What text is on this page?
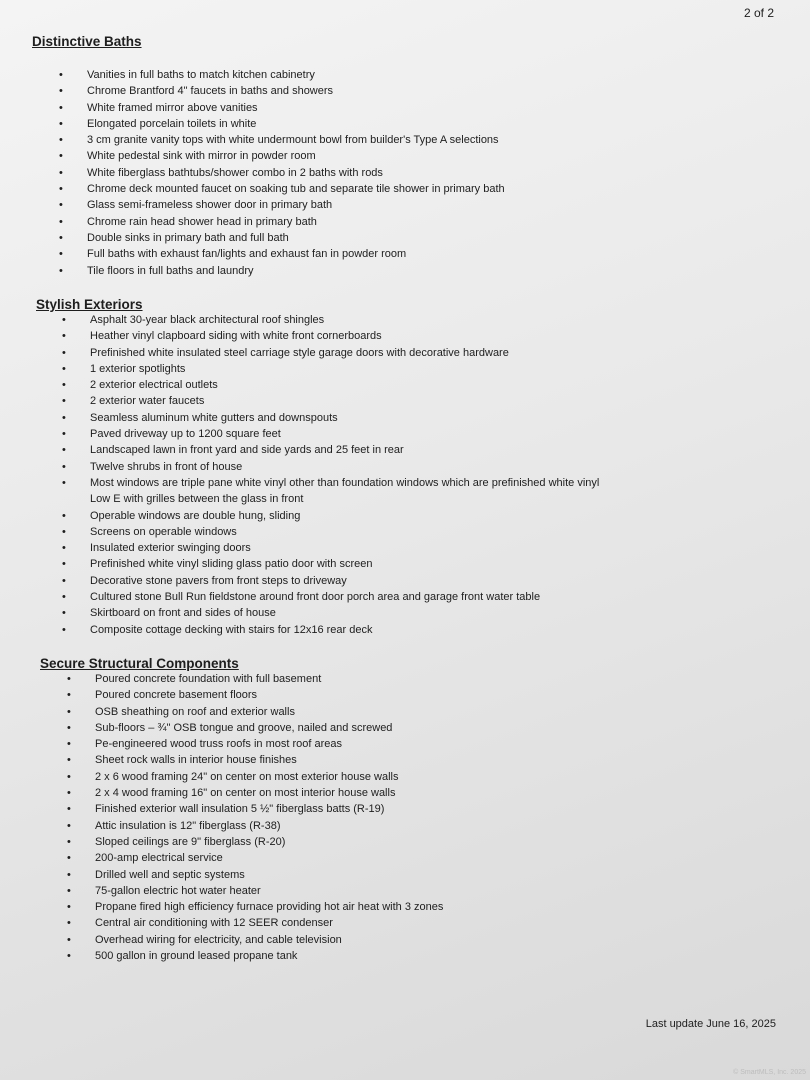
2 of 2
Distinctive Baths
• Vanities in full baths to match kitchen cabinetry
• Chrome Brantford 4" faucets in baths and showers
• White framed mirror above vanities
• Elongated porcelain toilets in white
• 3 cm granite vanity tops with white undermount bowl from builder's Type A selections
• White pedestal sink with mirror in powder room
• White fiberglass bathtubs/shower combo in 2 baths with rods
• Chrome deck mounted faucet on soaking tub and separate tile shower in primary bath
• Glass semi-frameless shower door in primary bath
• Chrome rain head shower head in primary bath
• Double sinks in primary bath and full bath
• Full baths with exhaust fan/lights and exhaust fan in powder room
• Tile floors in full baths and laundry
Stylish Exteriors
• Asphalt 30-year black architectural roof shingles
• Heather vinyl clapboard siding with white front cornerboards
• Prefinished white insulated steel carriage style garage doors with decorative hardware
• 1 exterior spotlights
• 2 exterior electrical outlets
• 2 exterior water faucets
• Seamless aluminum white gutters and downspouts
• Paved driveway up to 1200 square feet
• Landscaped lawn in front yard and side yards and 25 feet in rear
• Twelve shrubs in front of house
• Most windows are triple pane white vinyl other than foundation windows which are prefinished white vinyl
Low E with grilles between the glass in front
• Operable windows are double hung, sliding
• Screens on operable windows
• Insulated exterior swinging doors
• Prefinished white vinyl sliding glass patio door with screen
• Decorative stone pavers from front steps to driveway
• Cultured stone Bull Run fieldstone around front door porch area and garage front water table
• Skirtboard on front and sides of house
• Composite cottage decking with stairs for 12x16 rear deck
Secure Structural Components
• Poured concrete foundation with full basement
• Poured concrete basement floors
• OSB sheathing on roof and exterior walls
• Sub-floors – ¾" OSB tongue and groove, nailed and screwed
• Pe-engineered wood truss roofs in most roof areas
• Sheet rock walls in interior house finishes
• 2 x 6 wood framing 24" on center on most exterior house walls
• 2 x 4 wood framing 16" on center on most interior house walls
• Finished exterior wall insulation 5 ½" fiberglass batts (R-19)
• Attic insulation is 12" fiberglass (R-38)
• Sloped ceilings are 9" fiberglass (R-20)
• 200-amp electrical service
• Drilled well and septic systems
• 75-gallon electric hot water heater
• Propane fired high efficiency furnace providing hot air heat with 3 zones
• Central air conditioning with 12 SEER condenser
• Overhead wiring for electricity, and cable television
• 500 gallon in ground leased propane tank
Last update June 16, 2025
© SmartMLS, Inc. 2025
